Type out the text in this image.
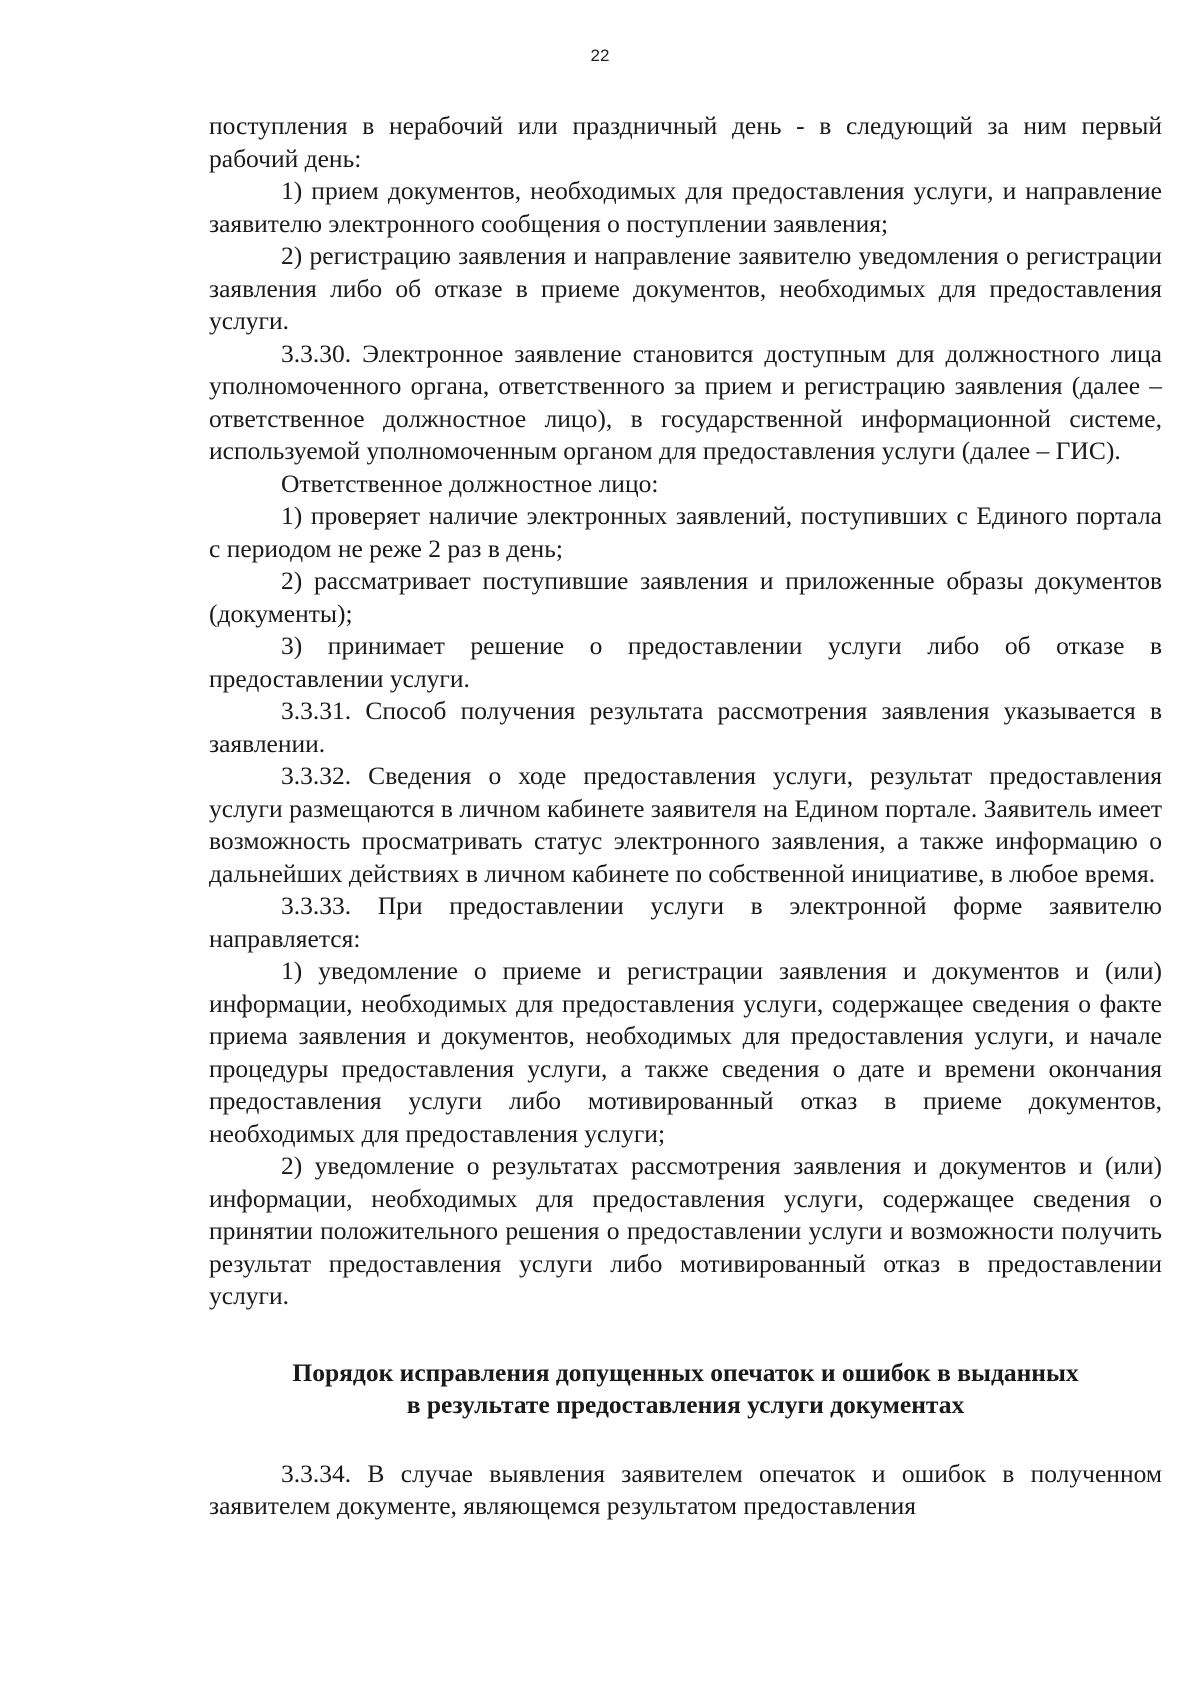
22

поступления в нерабочий или праздничный день - в следующий за ним первый рабочий день:

1) прием документов, необходимых для предоставления услуги, и направление заявителю электронного сообщения о поступлении заявления;

2) регистрацию заявления и направление заявителю уведомления о регистрации заявления либо об отказе в приеме документов, необходимых для предоставления услуги.

3.3.30. Электронное заявление становится доступным для должностного лица уполномоченного органа, ответственного за прием и регистрацию заявления (далее – ответственное должностное лицо), в государственной информационной системе, используемой уполномоченным органом для предоставления услуги (далее – ГИС).

Ответственное должностное лицо:

1) проверяет наличие электронных заявлений, поступивших с Единого портала с периодом не реже 2 раз в день;

2) рассматривает поступившие заявления и приложенные образы документов (документы);

3) принимает решение о предоставлении услуги либо об отказе в предоставлении услуги.

3.3.31. Способ получения результата рассмотрения заявления указывается в заявлении.

3.3.32. Сведения о ходе предоставления услуги, результат предоставления услуги размещаются в личном кабинете заявителя на Едином портале. Заявитель имеет возможность просматривать статус электронного заявления, а также информацию о дальнейших действиях в личном кабинете по собственной инициативе, в любое время.

3.3.33. При предоставлении услуги в электронной форме заявителю направляется:

1) уведомление о приеме и регистрации заявления и документов и (или) информации, необходимых для предоставления услуги, содержащее сведения о факте приема заявления и документов, необходимых для предоставления услуги, и начале процедуры предоставления услуги, а также сведения о дате и времени окончания предоставления услуги либо мотивированный отказ в приеме документов, необходимых для предоставления услуги;

2) уведомление о результатах рассмотрения заявления и документов и (или) информации, необходимых для предоставления услуги, содержащее сведения о принятии положительного решения о предоставлении услуги и возможности получить результат предоставления услуги либо мотивированный отказ в предоставлении услуги.

Порядок исправления допущенных опечаток и ошибок в выданных
в результате предоставления услуги документах

3.3.34. В случае выявления заявителем опечаток и ошибок в полученном заявителем документе, являющемся результатом предоставления
